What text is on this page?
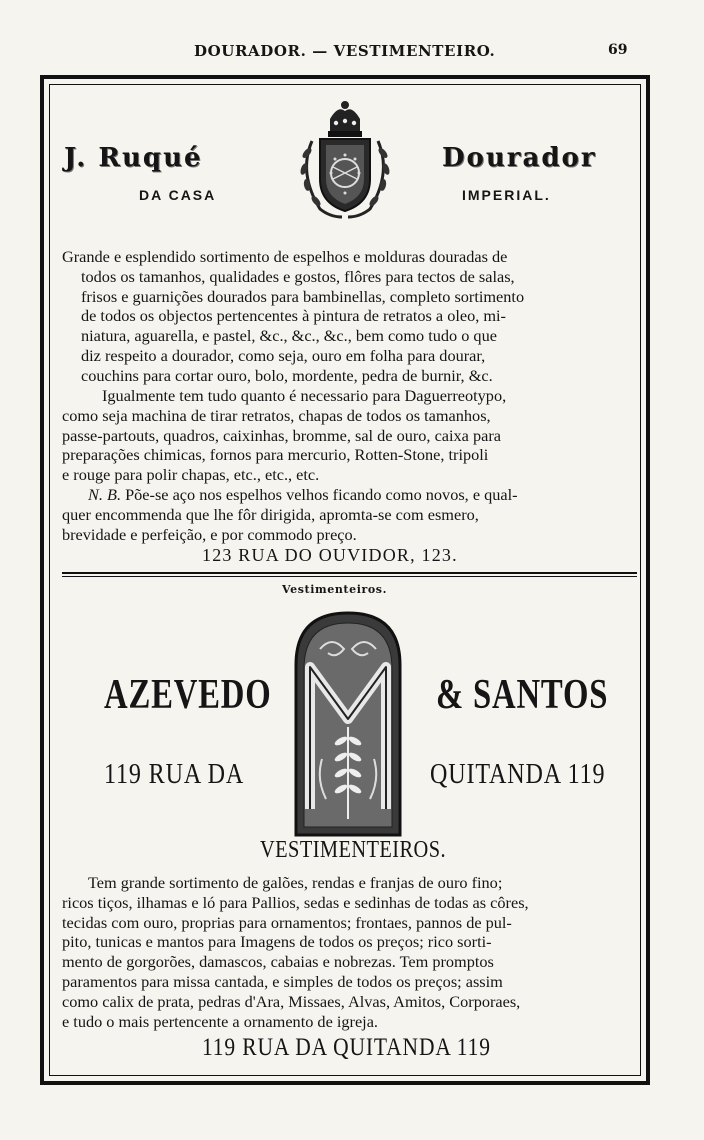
DOURADOR. — VESTIMENTEIRO.	69
J. Ruqué	Dourador
DA CASA	IMPERIAL.
Grande e esplendido sortimento de espelhos e molduras douradas de
todos os tamanhos, qualidades e gostos, flôres para tectos de salas,
frisos e guarnições dourados para bambinellas, completo sortimento
de todos os objectos pertencentes à pintura de retratos a oleo, mi-
niatura, aguarella, e pastel, &c., &c., &c., bem como tudo o que
diz respeito a dourador, como seja, ouro em folha para dourar,
couchins para cortar ouro, bolo, mordente, pedra de burnir, &c.
Igualmente tem tudo quanto é necessario para Daguerreotypo,
como seja machina de tirar retratos, chapas de todos os tamanhos,
passe-partouts, quadros, caixinhas, bromme, sal de ouro, caixa para
preparações chimicas, fornos para mercurio, Rotten-Stone, tripoli
e rouge para polir chapas, etc., etc., etc.
N. B. Põe-se aço nos espelhos velhos ficando como novos, e qual-
quer encommenda que lhe fôr dirigida, apromta-se com esmero,
brevidade e perfeição, e por commodo preço.
123 RUA DO OUVIDOR, 123.
Vestimenteiros.
AZEVEDO	& SANTOS
119 RUA DA	QUITANDA 119
VESTIMENTEIROS.
Tem grande sortimento de galões, rendas e franjas de ouro fino;
ricos tiços, ilhamas e ló para Pallios, sedas e sedinhas de todas as côres,
tecidas com ouro, proprias para ornamentos; frontaes, pannos de pul-
pito, tunicas e mantos para Imagens de todos os preços; rico sorti-
mento de gorgorões, damascos, cabaias e nobrezas. Tem promptos
paramentos para missa cantada, e simples de todos os preços; assim
como calix de prata, pedras d'Ara, Missaes, Alvas, Amitos, Corporaes,
e tudo o mais pertencente a ornamento de igreja.
119 RUA DA QUITANDA 119
